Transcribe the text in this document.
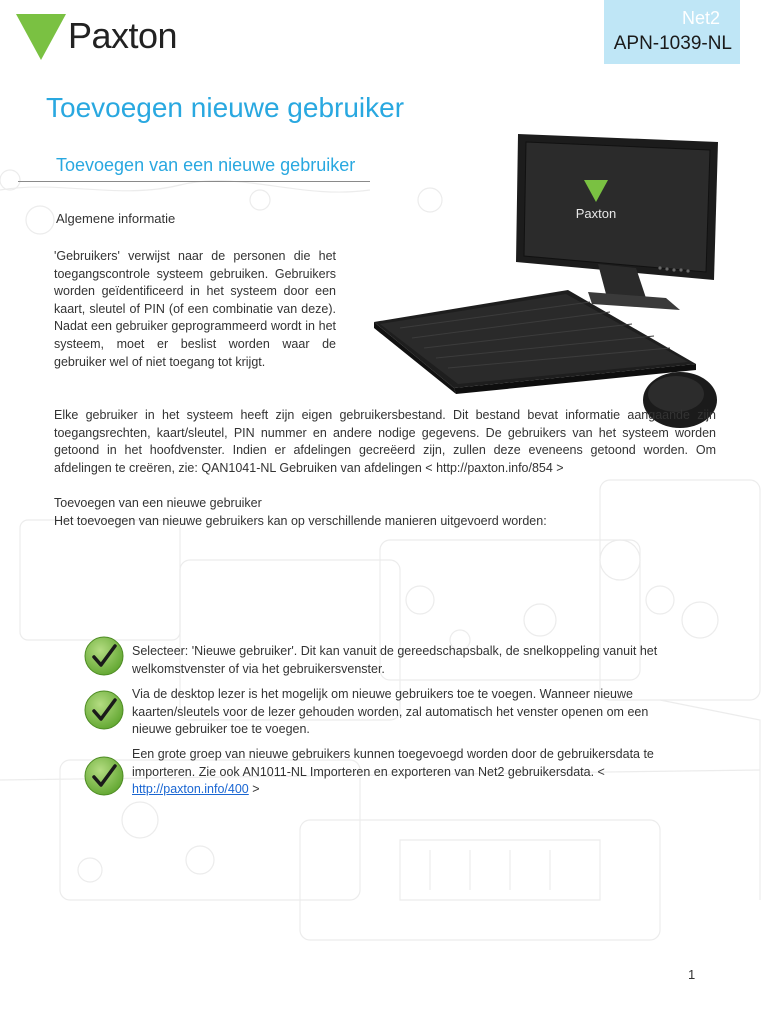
Paxton	Net2
APN-1039-NL
Toevoegen nieuwe gebruiker
Toevoegen van een nieuwe gebruiker
Algemene informatie
'Gebruikers' verwijst naar de personen die het toegangscontrole systeem gebruiken. Gebruikers worden geïdentificeerd in het systeem door een kaart, sleutel of PIN (of een combinatie van deze). Nadat een gebruiker geprogrammeerd wordt in het systeem, moet er beslist worden waar de gebruiker wel of niet toegang tot krijgt.
Paxton
Elke gebruiker in het systeem heeft zijn eigen gebruikersbestand. Dit bestand bevat informatie aangaande zijn toegangsrechten, kaart/sleutel, PIN nummer en andere nodige gegevens. De gebruikers van het systeem worden getoond in het hoofdvenster. Indien er afdelingen gecreëerd zijn, zullen deze eveneens getoond worden. Om afdelingen te creëren, zie: QAN1041-NL Gebruiken van afdelingen < http://paxton.info/854 >
Toevoegen van een nieuwe gebruiker
Het toevoegen van nieuwe gebruikers kan op verschillende manieren uitgevoerd worden:
Selecteer: 'Nieuwe gebruiker'. Dit kan vanuit de gereedschapsbalk, de snelkoppeling vanuit het welkomstvenster of via het gebruikersvenster.
Via de desktop lezer is het mogelijk om nieuwe gebruikers toe te voegen. Wanneer nieuwe kaarten/sleutels voor de lezer gehouden worden, zal automatisch het venster openen om een nieuwe gebruiker toe te voegen.
Een grote groep van nieuwe gebruikers kunnen toegevoegd worden door de gebruikersdata te importeren. Zie ook AN1011-NL Importeren en exporteren van Net2 gebruikersdata. < http://paxton.info/400 >
1
